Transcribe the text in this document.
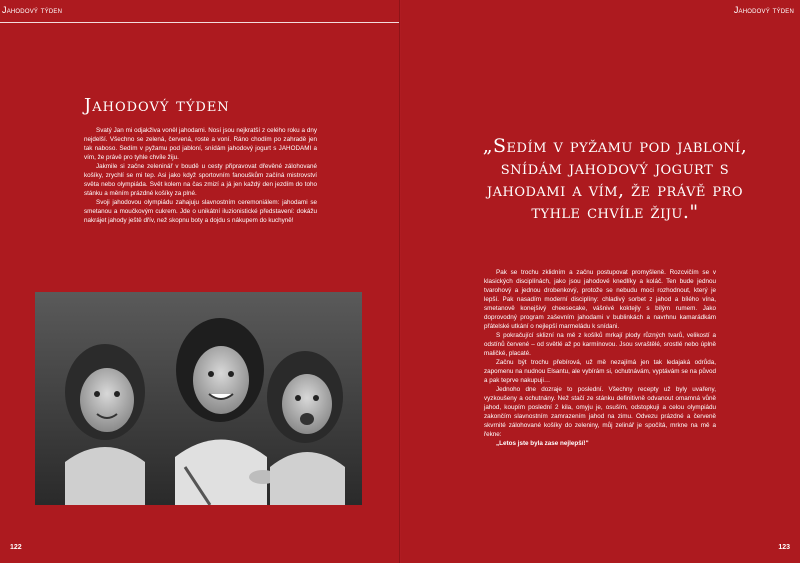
Jahodový týden
Jahodový týden

Svatý Jan mi odjakživa voněl jahodami. Nosí jsou nejkratší z celého roku a dny nejdelší. Všechno se zelená, červená, roste a voní. Ráno chodím po zahradě jen tak naboso. Sedím v pyžamu pod jabloní, snídám jahodový jogurt s JAHODAMI a vím, že právě pro tyhle chvíle žiju.

Jakmile si začne zeleninář v boudě u cesty připravovat dřevěné zálohované košíky, zrychlí se mi tep. Asi jako když sportovním fanouškům začíná mistrovství světa nebo olympiáda. Svět kolem na čas zmizí a já jen každý den jezdím do toho stánku a měním prázdné košíky za plné.

Svoji jahodovou olympiádu zahajuju slavnostním ceremoniálem: jahodami se smetanou a moučkovým cukrem. Jde o unikátní iluzionistické představení: dokážu nakrájet jahody ještě dřív, než skopnu boty a dojdu s nákupem do kuchyně!

122
Jahodový týden
123

„Sedím v pyžamu pod jabloní, snídám jahodový jogurt s jahodami a vím, že právě pro tyhle chvíle žiju."

Pak se trochu zklidním a začnu postupovat promyšleně. Rozcvičím se v klasických disciplínách, jako jsou jahodové knedlíky a koláč. Ten bude jednou tvarohový a jednou drobenkový, protože se nebudu moci rozhodnout, který je lepší. Pak nasadím moderní disciplíny: chladivý sorbet z jahod a bílého vína, smetanově konejšivý cheesecake, vášnivé koktejly s bílým rumem. Jako doprovodný program zaševním jahodami v bublinkách a navrhnu kamarádkám přátelské utkání o nejlepší marmeládu k snídani.

S pokračující sklizní na mě z košíků mrkají plody různých tvarů, velikostí a odstínů červené – od světlé až po karmínovou. Jsou svraštělé, srostlé nebo úplně maličké, placaté.

Začnu být trochu přebírová, už mě nezajímá jen tak ledajaká odrůda, zapomenu na nudnou Elsantu, ale vybírám si, ochutnávám, vyptávám se na původ a pak teprve nakupuji…

Jednoho dne dozraje to poslední. Všechny recepty už byly uvařeny, vyzkoušeny a ochutnány. Než stačí ze stánku definitivně odvanout omamná vůně jahod, koupím poslední 2 kila, omyju je, osuším, odstopkuji a celou olympiádu zakončím slavnostním zamrazením jahod na zimu. Odvezu prázdné a červeně skvrnité zálohované košíky do zeleniny, můj zelinář je spočítá, mrkne na mě a řekne:

„Letos jste byla zase nejlepší!"
